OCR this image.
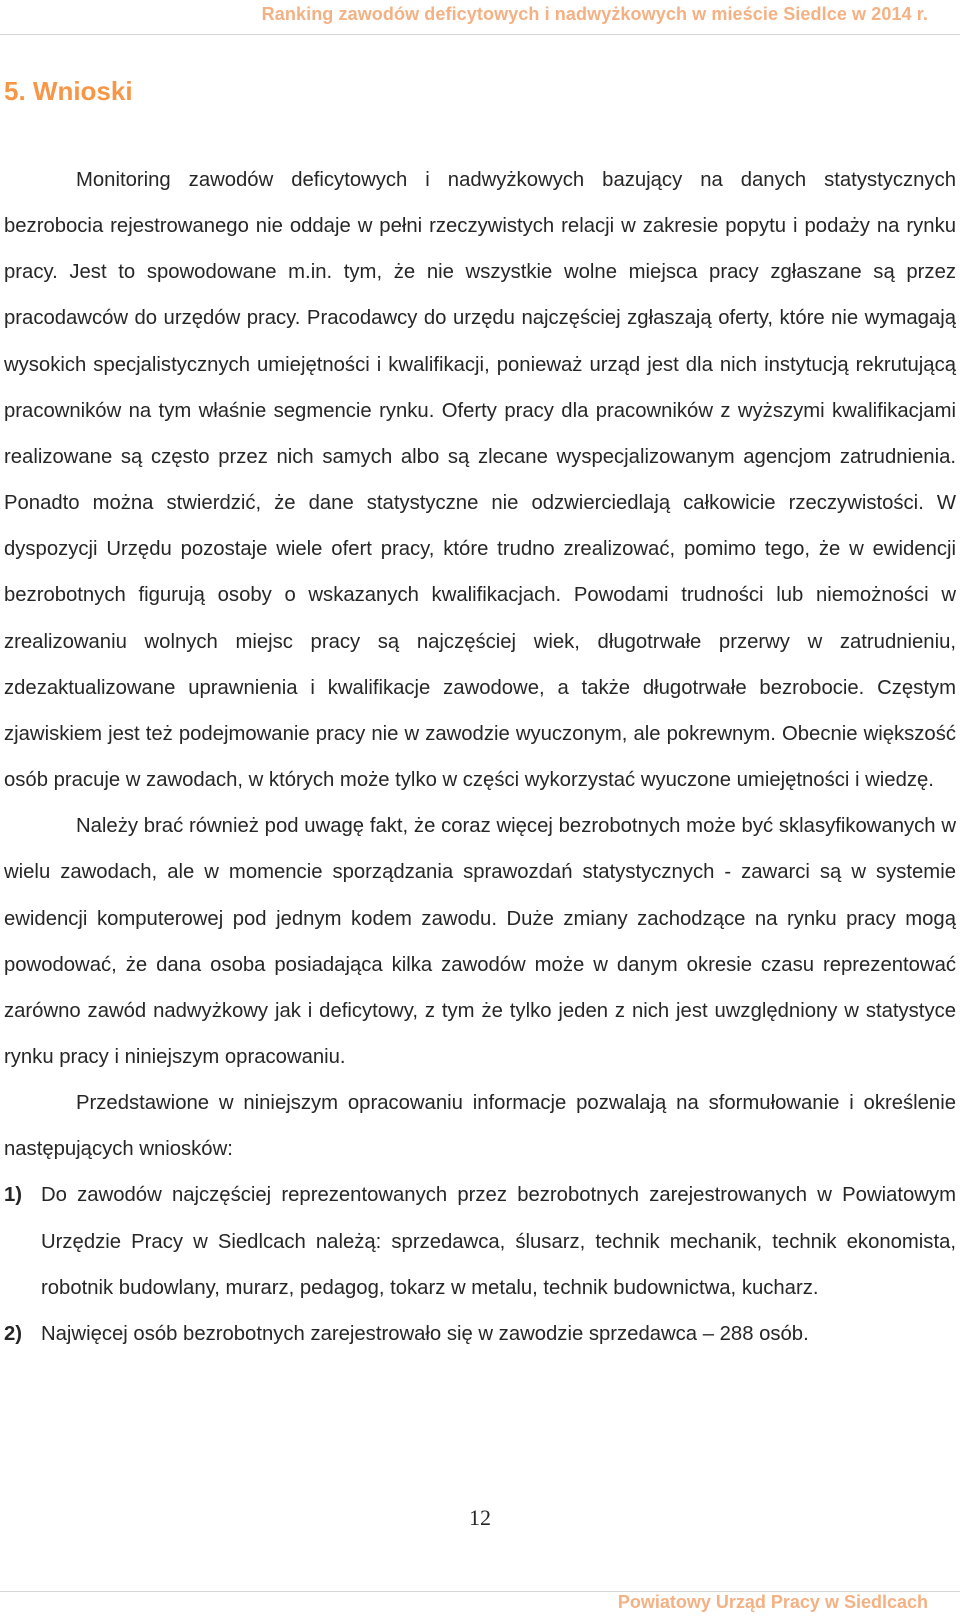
Ranking zawodów deficytowych i nadwyżkowych w mieście Siedlce w 2014 r.
5. Wnioski

Monitoring zawodów deficytowych i nadwyżkowych bazujący na danych statystycznych bezrobocia rejestrowanego nie oddaje w pełni rzeczywistych relacji w zakresie popytu i podaży na rynku pracy. Jest to spowodowane m.in. tym, że nie wszystkie wolne miejsca pracy zgłaszane są przez pracodawców do urzędów pracy. Pracodawcy do urzędu najczęściej zgłaszają oferty, które nie wymagają wysokich specjalistycznych umiejętności i kwalifikacji, ponieważ urząd jest dla nich instytucją rekrutującą pracowników na tym właśnie segmencie rynku. Oferty pracy dla pracowników z wyższymi kwalifikacjami realizowane są często przez nich samych albo są zlecane wyspecjalizowanym agencjom zatrudnienia. Ponadto można stwierdzić, że dane statystyczne nie odzwierciedlają całkowicie rzeczywistości. W dyspozycji Urzędu pozostaje wiele ofert pracy, które trudno zrealizować, pomimo tego, że w ewidencji bezrobotnych figurują osoby o wskazanych kwalifikacjach. Powodami trudności lub niemożności w zrealizowaniu wolnych miejsc pracy są najczęściej wiek, długotrwałe przerwy w zatrudnieniu, zdezaktualizowane uprawnienia i kwalifikacje zawodowe, a także długotrwałe bezrobocie. Częstym zjawiskiem jest też podejmowanie pracy nie w zawodzie wyuczonym, ale pokrewnym. Obecnie większość osób pracuje w zawodach, w których może tylko w części wykorzystać wyuczone umiejętności i wiedzę.

Należy brać również pod uwagę fakt, że coraz więcej bezrobotnych może być sklasyfikowanych w wielu zawodach, ale w momencie sporządzania sprawozdań statystycznych - zawarci są w systemie ewidencji komputerowej pod jednym kodem zawodu. Duże zmiany zachodzące na rynku pracy mogą powodować, że dana osoba posiadająca kilka zawodów może w danym okresie czasu reprezentować zarówno zawód nadwyżkowy jak i deficytowy, z tym że tylko jeden z nich jest uwzględniony w statystyce rynku pracy i niniejszym opracowaniu.

Przedstawione w niniejszym opracowaniu informacje pozwalają na sformułowanie i określenie następujących wniosków:

1) Do zawodów najczęściej reprezentowanych przez bezrobotnych zarejestrowanych w Powiatowym Urzędzie Pracy w Siedlcach należą: sprzedawca, ślusarz, technik mechanik, technik ekonomista, robotnik budowlany, murarz, pedagog, tokarz w metalu, technik budownictwa, kucharz.
2) Najwięcej osób bezrobotnych zarejestrowało się w zawodzie sprzedawca – 288 osób.
12
Powiatowy Urząd Pracy w Siedlcach
